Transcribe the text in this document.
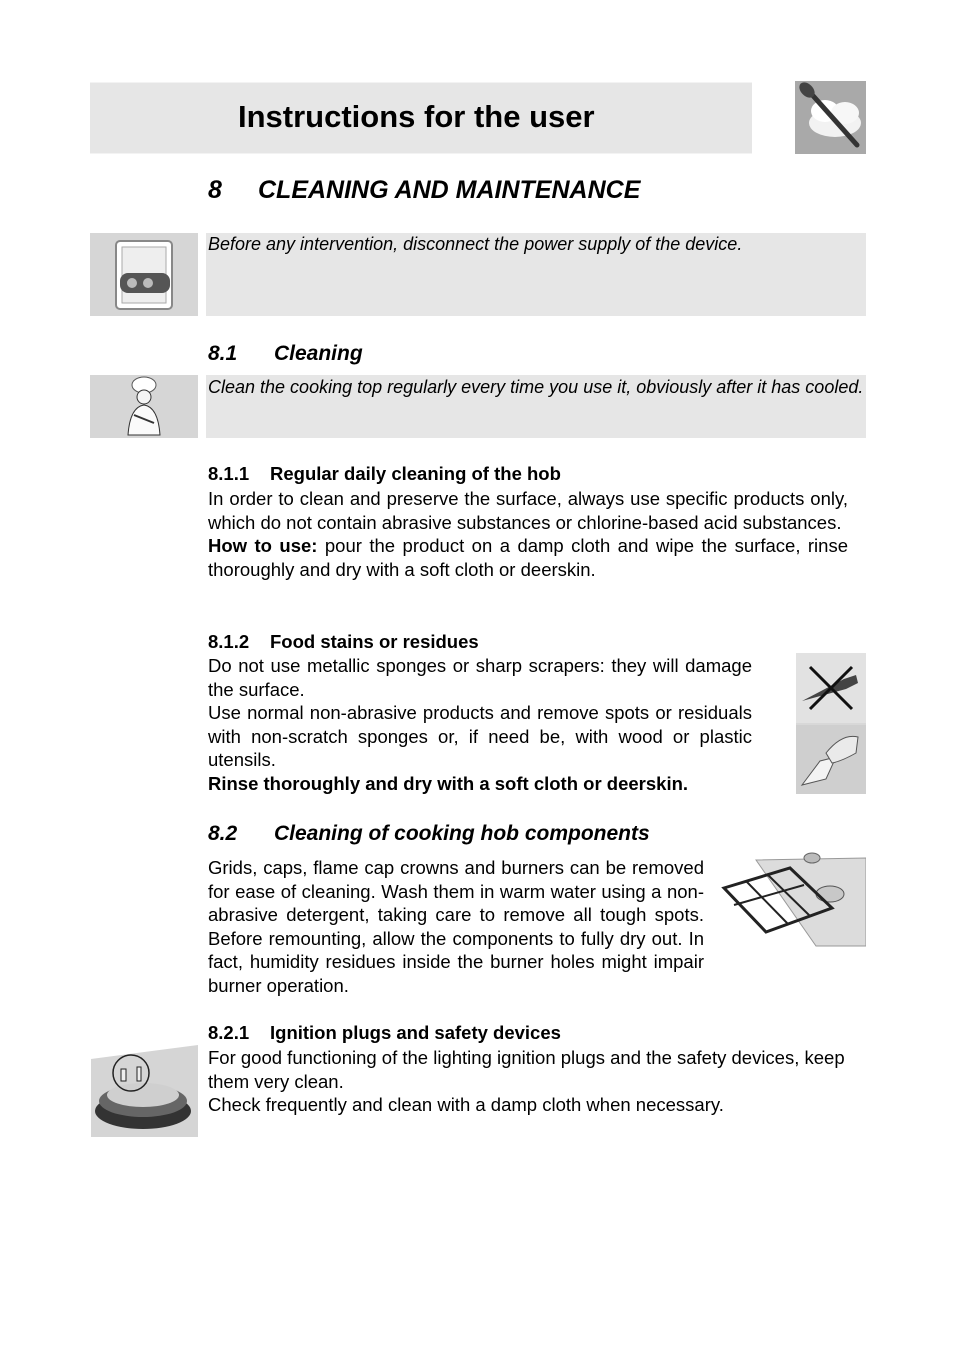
Instructions for the user
8 CLEANING AND MAINTENANCE
Before any intervention, disconnect the power supply of the device.
8.1 Cleaning
Clean the cooking top regularly every time you use it, obviously after it has cooled.
8.1.1 Regular daily cleaning of the hob

In order to clean and preserve the surface, always use specific products only, which do not contain abrasive substances or chlorine-based acid substances.

How to use: pour the product on a damp cloth and wipe the surface, rinse thoroughly and dry with a soft cloth or deerskin.

8.1.2 Food stains or residues

Do not use metallic sponges or sharp scrapers: they will damage the surface.

Use normal non-abrasive products and remove spots or residuals with non-scratch sponges or, if need be, with wood or plastic utensils.

Rinse thoroughly and dry with a soft cloth or deerskin.

8.2 Cleaning of cooking hob components

Grids, caps, flame cap crowns and burners can be removed for ease of cleaning. Wash them in warm water using a non-abrasive detergent, taking care to remove all tough spots. Before remounting, allow the components to fully dry out. In fact, humidity residues inside the burner holes might impair burner operation.

8.2.1 Ignition plugs and safety devices

For good functioning of the lighting ignition plugs and the safety devices, keep them very clean.

Check frequently and clean with a damp cloth when necessary.
